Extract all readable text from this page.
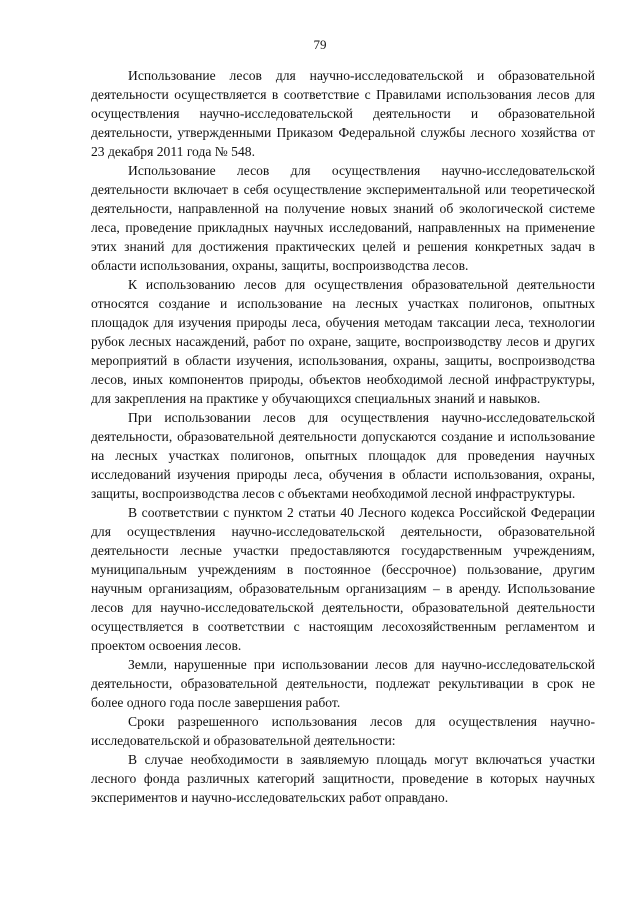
79

Использование лесов для научно-исследовательской и образовательной деятельности осуществляется в соответствие с Правилами использования лесов для осуществления научно-исследовательской деятельности и образовательной деятельности, утвержденными Приказом Федеральной службы лесного хозяйства от 23 декабря 2011 года № 548.

Использование лесов для осуществления научно-исследовательской деятельности включает в себя осуществление экспериментальной или теоретической деятельности, направленной на получение новых знаний об экологической системе леса, проведение прикладных научных исследований, направленных на применение этих знаний для достижения практических целей и решения конкретных задач в области использования, охраны, защиты, воспроизводства лесов.

К использованию лесов для осуществления образовательной деятельности относятся создание и использование на лесных участках полигонов, опытных площадок для изучения природы леса, обучения методам таксации леса, технологии рубок лесных насаждений, работ по охране, защите, воспроизводству лесов и других мероприятий в области изучения, использования, охраны, защиты, воспроизводства лесов, иных компонентов природы, объектов необходимой лесной инфраструктуры, для закрепления на практике у обучающихся специальных знаний и навыков.

При использовании лесов для осуществления научно-исследовательской деятельности, образовательной деятельности допускаются создание и использование на лесных участках полигонов, опытных площадок для проведения научных исследований изучения природы леса, обучения в области использования, охраны, защиты, воспроизводства лесов с объектами необходимой лесной инфраструктуры.

В соответствии с пунктом 2 статьи 40 Лесного кодекса Российской Федерации для осуществления научно-исследовательской деятельности, образовательной деятельности лесные участки предоставляются государственным учреждениям, муниципальным учреждениям в постоянное (бессрочное) пользование, другим научным организациям, образовательным организациям – в аренду. Использование лесов для научно-исследовательской деятельности, образовательной деятельности осуществляется в соответствии с настоящим лесохозяйственным регламентом и проектом освоения лесов.

Земли, нарушенные при использовании лесов для научно-исследовательской деятельности, образовательной деятельности, подлежат рекультивации в срок не более одного года после завершения работ.

Сроки разрешенного использования лесов для осуществления научно-исследовательской и образовательной деятельности:

В случае необходимости в заявляемую площадь могут включаться участки лесного фонда различных категорий защитности, проведение в которых научных экспериментов и научно-исследовательских работ оправдано.
